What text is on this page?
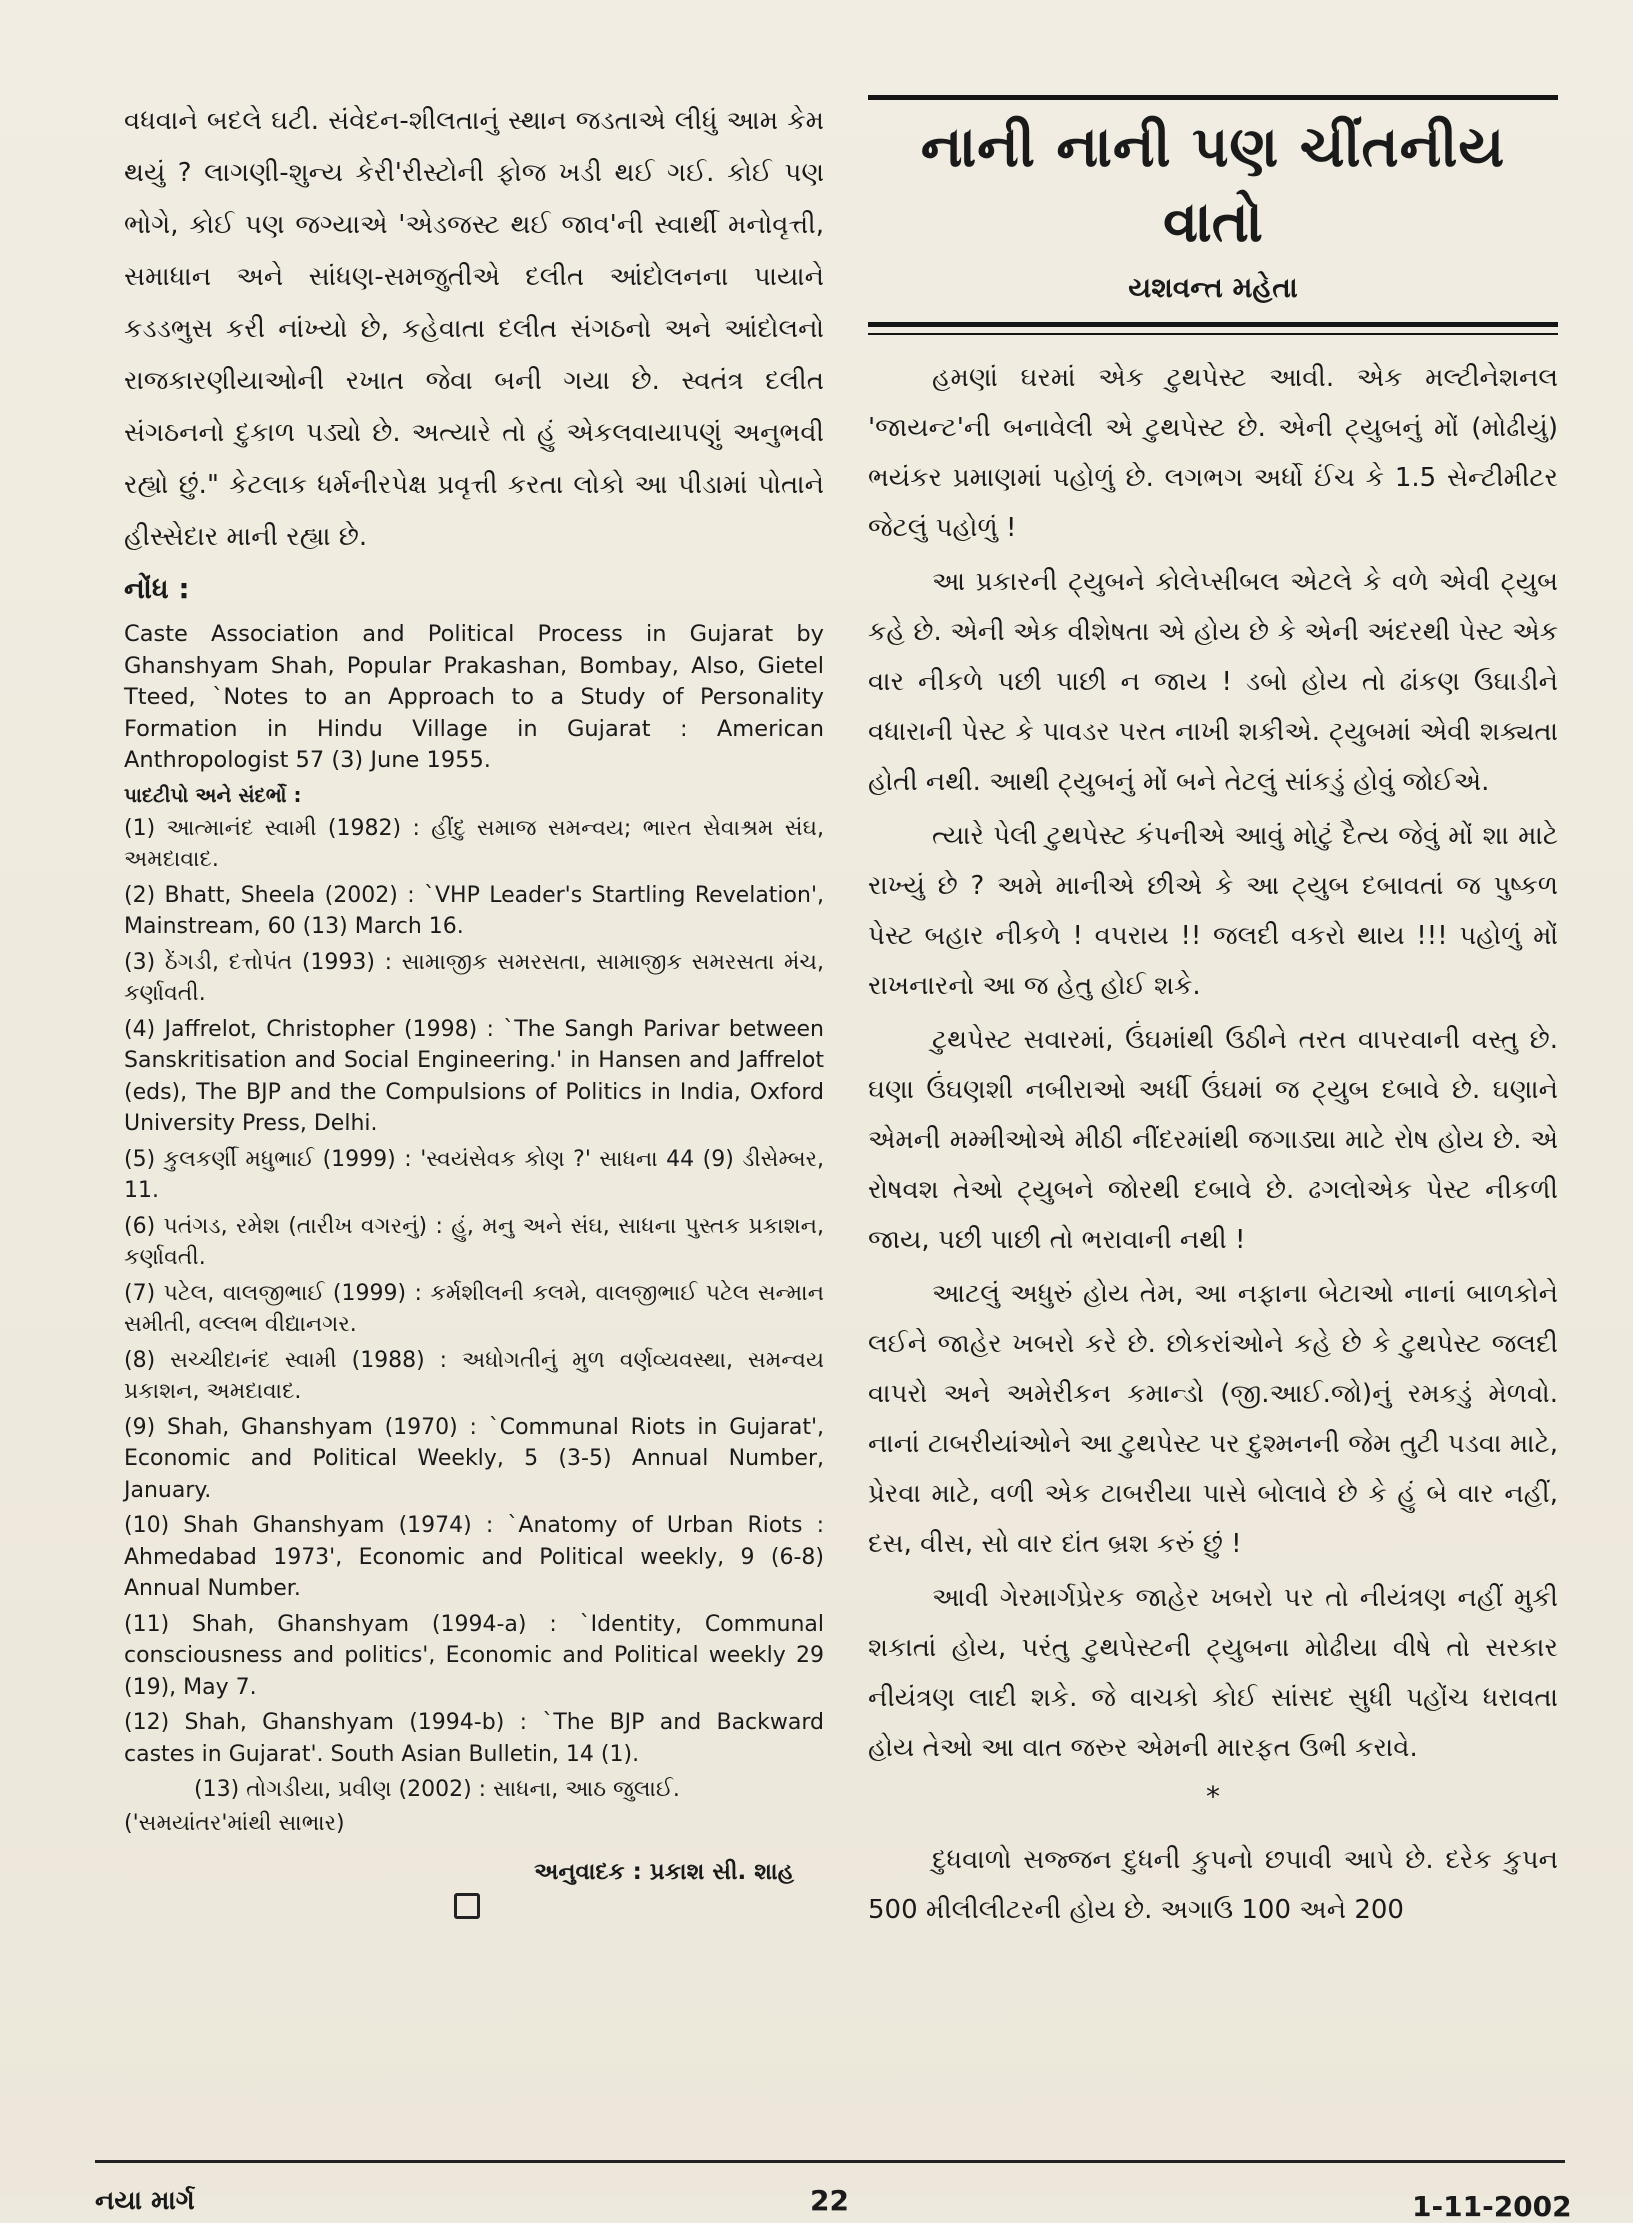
વધવાને બદલે ઘટી. સંવેદન-શીલતાનું સ્થાન જડતાએ લીધું આમ કેમ થયું ? લાગણી-શુન્ય કેરી'રીસ્ટોની ફોજ ખડી થઈ ગઈ. કોઈ પણ ભોગે, કોઈ પણ જગ્યાએ 'એડજસ્ટ થઈ જાવ'ની સ્વાર્થી મનોવૃત્તી, સમાધાન અને સાંધણ-સમજુતીએ દલીત આંદોલનના પાયાને કડડભુસ કરી નાંખ્યો છે, કહેવાતા દલીત સંગઠનો અને આંદોલનો રાજકારણીયાઓની રખાત જેવા બની ગયા છે. સ્વતંત્ર દલીત સંગઠનનો દુકાળ પડ્યો છે. અત્યારે તો હું એકલવાયાપણું અનુભવી રહ્યો છું." કેટલાક ધર્મનીરપેક્ષ પ્રવૃત્તી કરતા લોકો આ પીડામાં પોતાને હીસ્સેદાર માની રહ્યા છે.

નોંધ :

Caste Association and Political Process in Gujarat by Ghanshyam Shah, Popular Prakashan, Bombay, Also, Gietel Tteed, `Notes to an Approach to a Study of Personality Formation in Hindu Village in Gujarat : American Anthropologist 57 (3) June 1955.

પાદટીપો અને સંદર્ભો :

(1) આત્માનંદ સ્વામી (1982) : હીંદુ સમાજ સમન્વય; ભારત સેવાશ્રમ સંઘ, અમદાવાદ.

(2) Bhatt, Sheela (2002) : `VHP Leader's Startling Revelation', Mainstream, 60 (13) March 16.

(3) ઠેંગડી, દત્તોપંત (1993) : સામાજીક સમરસતા, સામાજીક સમરસતા મંચ, કર્ણાવતી.

(4) Jaffrelot, Christopher (1998) : `The Sangh Parivar between Sanskritisation and Social Engineering.' in Hansen and Jaffrelot (eds), The BJP and the Compulsions of Politics in India, Oxford University Press, Delhi.

(5) કુલકર્ણી મધુભાઈ (1999) : 'સ્વયંસેવક કોણ ?' સાધના 44 (9) ડીસેમ્બર, 11.

(6) પતંગડ, રમેશ (તારીખ વગરનું) : હું, મનુ અને સંઘ, સાધના પુસ્તક પ્રકાશન, કર્ણાવતી.

(7) પટેલ, વાલજીભાઈ (1999) : કર્મશીલની કલમે, વાલજીભાઈ પટેલ સન્માન સમીતી, વલ્લભ વીદ્યાનગર.

(8) સચ્ચીદાનંદ સ્વામી (1988) : અધોગતીનું મુળ વર્ણવ્યવસ્થા, સમન્વય પ્રકાશન, અમદાવાદ.

(9) Shah, Ghanshyam (1970) : `Communal Riots in Gujarat', Economic and Political Weekly, 5 (3-5) Annual Number, January.

(10) Shah Ghanshyam (1974) : `Anatomy of Urban Riots : Ahmedabad 1973', Economic and Political weekly, 9 (6-8) Annual Number.

(11) Shah, Ghanshyam (1994-a) : `Identity, Communal consciousness and politics', Economic and Political weekly 29 (19), May 7.

(12) Shah, Ghanshyam (1994-b) : `The BJP and Backward castes in Gujarat'. South Asian Bulletin, 14 (1).

(13) તોગડીયા, પ્રવીણ (2002) : સાધના, આઠ જુલાઈ.

('સમયાંતર'માંથી સાભાર)

અનુવાદક : પ્રકાશ સી. શાહ
નાની નાની પણ ચીંતનીય
વાતો
યશવન્ત મહેતા

હમણાં ઘરમાં એક ટુથપેસ્ટ આવી. એક મલ્ટીનેશનલ 'જાયન્ટ'ની બનાવેલી એ ટુથપેસ્ટ છે. એની ટ્યુબનું મોં (મોઢીયું) ભયંકર પ્રમાણમાં પહોળું છે. લગભગ અર્ધો ઈંચ કે 1.5 સેન્ટીમીટર જેટલું પહોળું !

આ પ્રકારની ટ્યુબને કોલેપ્સીબલ એટલે કે વળે એવી ટ્યુબ કહે છે. એની એક વીશેષતા એ હોય છે કે એની અંદરથી પેસ્ટ એક વાર નીકળે પછી પાછી ન જાય ! ડબો હોય તો ઢાંકણ ઉઘાડીને વધારાની પેસ્ટ કે પાવડર પરત નાખી શકીએ. ટ્યુબમાં એવી શક્યતા હોતી નથી. આથી ટ્યુબનું મોં બને તેટલું સાંકડું હોવું જોઈએ.

ત્યારે પેલી ટુથપેસ્ટ કંપનીએ આવું મોટું દૈત્ય જેવું મોં શા માટે રાખ્યું છે ? અમે માનીએ છીએ કે આ ટ્યુબ દબાવતાં જ પુષ્કળ પેસ્ટ બહાર નીકળે ! વપરાય !! જલદી વકરો થાય !!! પહોળું મોં રાખનારનો આ જ હેતુ હોઈ શકે.

ટુથપેસ્ટ સવારમાં, ઉંઘમાંથી ઉઠીને તરત વાપરવાની વસ્તુ છે. ઘણા ઉંઘણશી નબીરાઓ અર્ધી ઉંઘમાં જ ટ્યુબ દબાવે છે. ઘણાને એમની મમ્મીઓએ મીઠી નીંદરમાંથી જગાડ્યા માટે રોષ હોય છે. એ રોષવશ તેઓ ટ્યુબને જોરથી દબાવે છે. ઢગલોએક પેસ્ટ નીકળી જાય, પછી પાછી તો ભરાવાની નથી !

આટલું અધુરું હોય તેમ, આ નફાના બેટાઓ નાનાં બાળકોને લઈને જાહેર ખબરો કરે છે. છોકરાંઓને કહે છે કે ટુથપેસ્ટ જલદી વાપરો અને અમેરીકન કમાન્ડો (જી.આઈ.જો)નું રમકડું મેળવો. નાનાં ટાબરીયાંઓને આ ટુથપેસ્ટ પર દુશ્મનની જેમ તુટી પડવા માટે, પ્રેરવા માટે, વળી એક ટાબરીયા પાસે બોલાવે છે કે હું બે વાર નહીં, દસ, વીસ, સો વાર દાંત બ્રશ કરું છું !

આવી ગેરમાર્ગપ્રેરક જાહેર ખબરો પર તો નીયંત્રણ નહીં મુકી શકાતાં હોય, પરંતુ ટુથપેસ્ટની ટ્યુબના મોઢીયા વીષે તો સરકાર નીયંત્રણ લાદી શકે. જે વાચકો કોઈ સાંસદ સુધી પહોંચ ધરાવતા હોય તેઓ આ વાત જરુર એમની મારફત ઉભી કરાવે.

*

દુધવાળો સજ્જન દુધની કુપનો છપાવી આપે છે. દરેક કુપન 500 મીલીલીટરની હોય છે. અગાઉ 100 અને 200

નયા માર્ગ	22	1-11-2002
